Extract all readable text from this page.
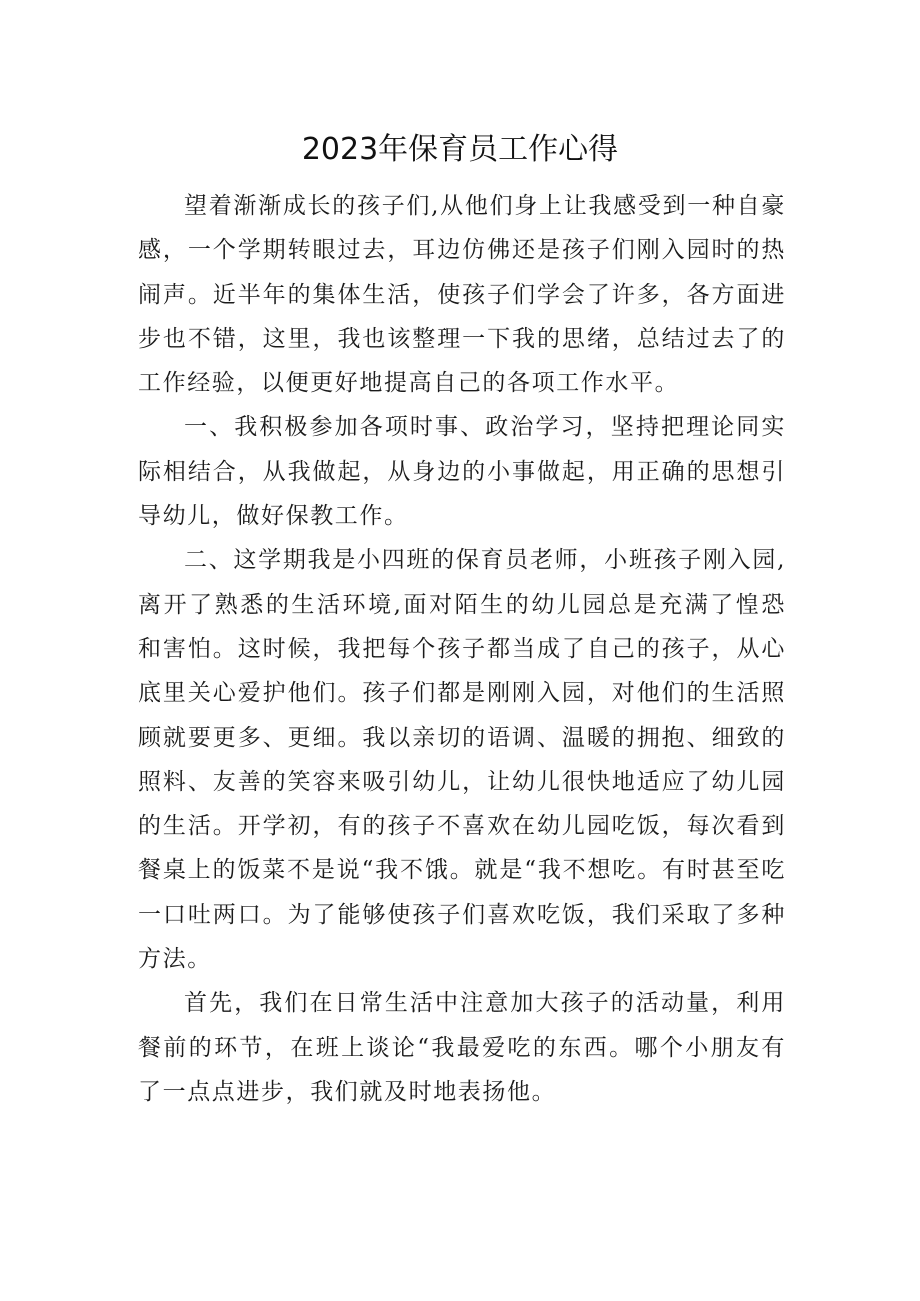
2023年保育员工作心得

望着渐渐成长的孩子们,从他们身上让我感受到一种自豪感，一个学期转眼过去，耳边仿佛还是孩子们刚入园时的热闹声。近半年的集体生活，使孩子们学会了许多，各方面进步也不错，这里，我也该整理一下我的思绪，总结过去了的工作经验，以便更好地提高自己的各项工作水平。

一、我积极参加各项时事、政治学习，坚持把理论同实际相结合，从我做起，从身边的小事做起，用正确的思想引导幼儿，做好保教工作。

二、这学期我是小四班的保育员老师，小班孩子刚入园,离开了熟悉的生活环境,面对陌生的幼儿园总是充满了惶恐和害怕。这时候，我把每个孩子都当成了自己的孩子，从心底里关心爱护他们。孩子们都是刚刚入园，对他们的生活照顾就要更多、更细。我以亲切的语调、温暖的拥抱、细致的照料、友善的笑容来吸引幼儿，让幼儿很快地适应了幼儿园的生活。开学初，有的孩子不喜欢在幼儿园吃饭，每次看到餐桌上的饭菜不是说“我不饿。就是“我不想吃。有时甚至吃一口吐两口。为了能够使孩子们喜欢吃饭，我们采取了多种方法。

首先，我们在日常生活中注意加大孩子的活动量，利用餐前的环节，在班上谈论“我最爱吃的东西。哪个小朋友有了一点点进步，我们就及时地表扬他。
